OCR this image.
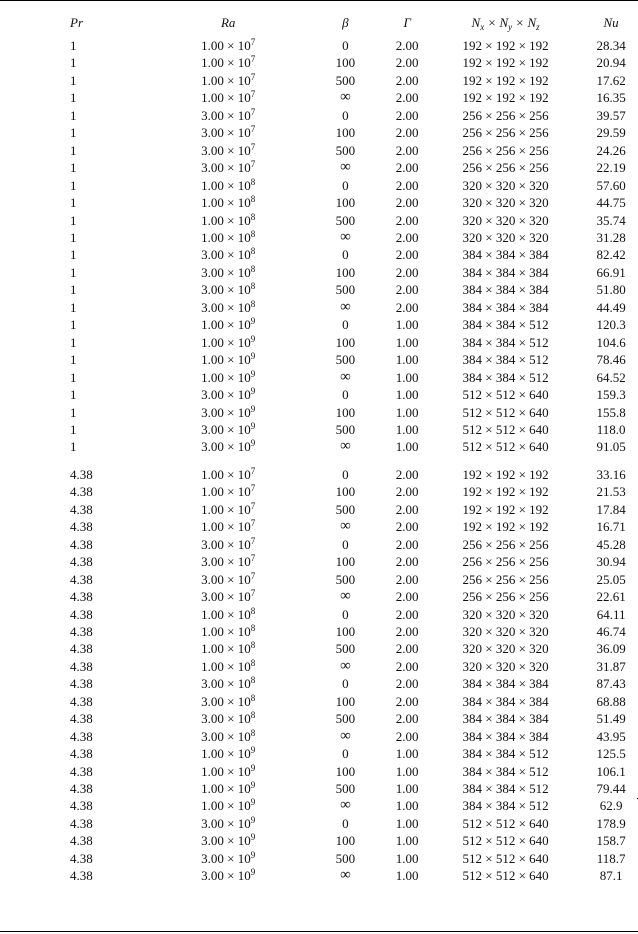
Pr	Ra	β	Γ	$N_x \times N_y \times N_z$	Nu
1	$1.00 \times 10^7$	0	2.00	192 × 192 × 192	28.34
1	$1.00 \times 10^7$	100	2.00	192 × 192 × 192	20.94
1	$1.00 \times 10^7$	500	2.00	192 × 192 × 192	17.62
1	$1.00 \times 10^7$	∞	2.00	192 × 192 × 192	16.35
1	$3.00 \times 10^7$	0	2.00	256 × 256 × 256	39.57
1	$3.00 \times 10^7$	100	2.00	256 × 256 × 256	29.59
1	$3.00 \times 10^7$	500	2.00	256 × 256 × 256	24.26
1	$3.00 \times 10^7$	∞	2.00	256 × 256 × 256	22.19
1	$1.00 \times 10^8$	0	2.00	320 × 320 × 320	57.60
1	$1.00 \times 10^8$	100	2.00	320 × 320 × 320	44.75
1	$1.00 \times 10^8$	500	2.00	320 × 320 × 320	35.74
1	$1.00 \times 10^8$	∞	2.00	320 × 320 × 320	31.28
1	$3.00 \times 10^8$	0	2.00	384 × 384 × 384	82.42
1	$3.00 \times 10^8$	100	2.00	384 × 384 × 384	66.91
1	$3.00 \times 10^8$	500	2.00	384 × 384 × 384	51.80
1	$3.00 \times 10^8$	∞	2.00	384 × 384 × 384	44.49
1	$1.00 \times 10^9$	0	1.00	384 × 384 × 512	120.3
1	$1.00 \times 10^9$	100	1.00	384 × 384 × 512	104.6
1	$1.00 \times 10^9$	500	1.00	384 × 384 × 512	78.46
1	$1.00 \times 10^9$	∞	1.00	384 × 384 × 512	64.52
1	$3.00 \times 10^9$	0	1.00	512 × 512 × 640	159.3
1	$3.00 \times 10^9$	100	1.00	512 × 512 × 640	155.8
1	$3.00 \times 10^9$	500	1.00	512 × 512 × 640	118.0
1	$3.00 \times 10^9$	∞	1.00	512 × 512 × 640	91.05

4.38	$1.00 \times 10^7$	0	2.00	192 × 192 × 192	33.16
4.38	$1.00 \times 10^7$	100	2.00	192 × 192 × 192	21.53
4.38	$1.00 \times 10^7$	500	2.00	192 × 192 × 192	17.84
4.38	$1.00 \times 10^7$	∞	2.00	192 × 192 × 192	16.71
4.38	$3.00 \times 10^7$	0	2.00	256 × 256 × 256	45.28
4.38	$3.00 \times 10^7$	100	2.00	256 × 256 × 256	30.94
4.38	$3.00 \times 10^7$	500	2.00	256 × 256 × 256	25.05
4.38	$3.00 \times 10^7$	∞	2.00	256 × 256 × 256	22.61
4.38	$1.00 \times 10^8$	0	2.00	320 × 320 × 320	64.11
4.38	$1.00 \times 10^8$	100	2.00	320 × 320 × 320	46.74
4.38	$1.00 \times 10^8$	500	2.00	320 × 320 × 320	36.09
4.38	$1.00 \times 10^8$	∞	2.00	320 × 320 × 320	31.87
4.38	$3.00 \times 10^8$	0	2.00	384 × 384 × 384	87.43
4.38	$3.00 \times 10^8$	100	2.00	384 × 384 × 384	68.88
4.38	$3.00 \times 10^8$	500	2.00	384 × 384 × 384	51.49
4.38	$3.00 \times 10^8$	∞	2.00	384 × 384 × 384	43.95
4.38	$1.00 \times 10^9$	0	1.00	384 × 384 × 512	125.5
4.38	$1.00 \times 10^9$	100	1.00	384 × 384 × 512	106.1
4.38	$1.00 \times 10^9$	500	1.00	384 × 384 × 512	79.44
4.38	$1.00 \times 10^9$	∞	1.00	384 × 384 × 512	62.9
4.38	$3.00 \times 10^9$	0	1.00	512 × 512 × 640	178.9
4.38	$3.00 \times 10^9$	100	1.00	512 × 512 × 640	158.7
4.38	$3.00 \times 10^9$	500	1.00	512 × 512 × 640	118.7
4.38	$3.00 \times 10^9$	∞	1.00	512 × 512 × 640	87.1
